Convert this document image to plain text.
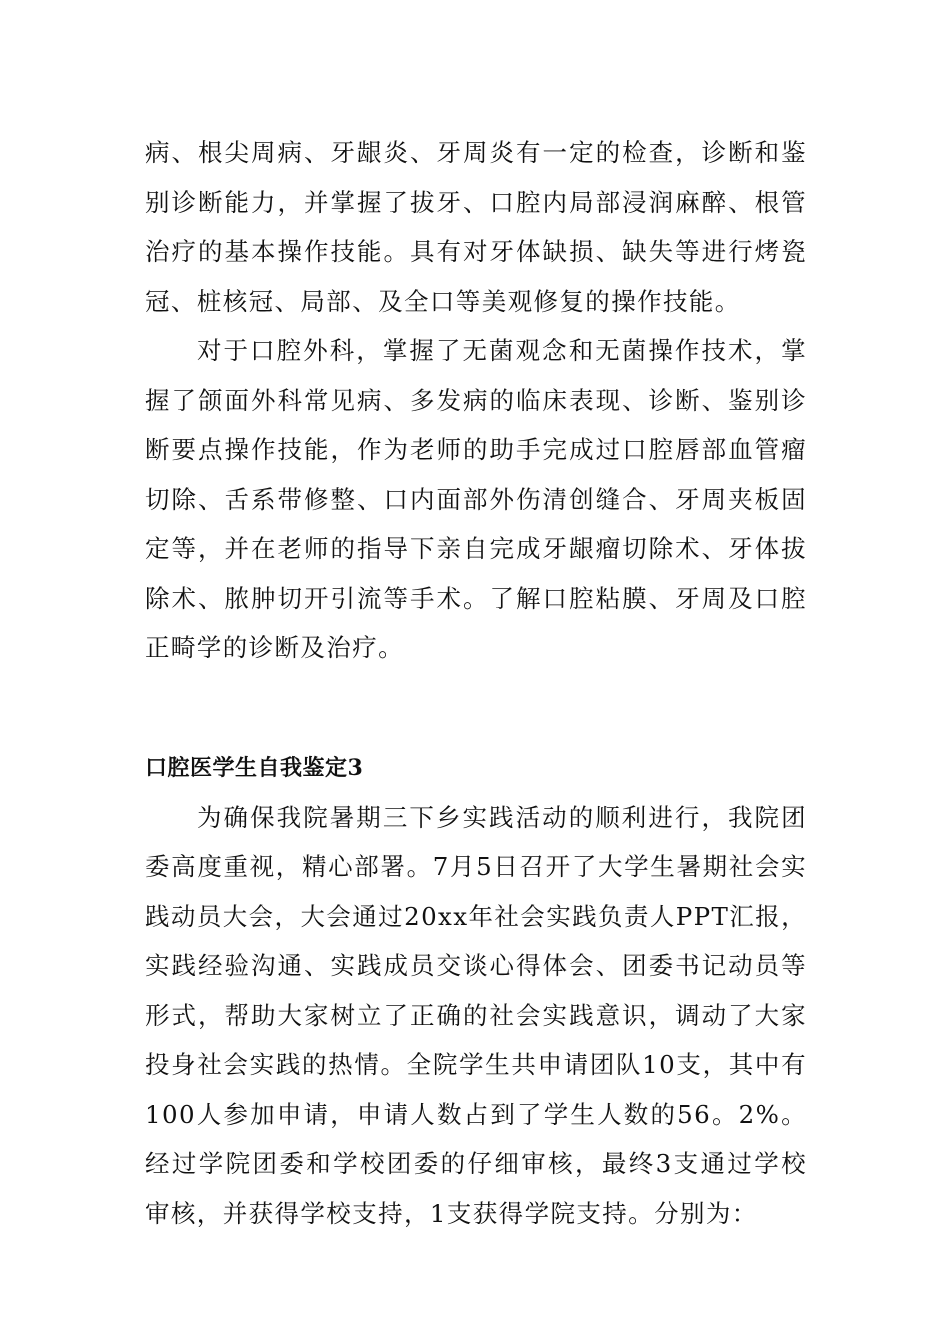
病、根尖周病、牙龈炎、牙周炎有一定的检查，诊断和鉴别诊断能力，并掌握了拔牙、口腔内局部浸润麻醉、根管治疗的基本操作技能。具有对牙体缺损、缺失等进行烤瓷冠、桩核冠、局部、及全口等美观修复的操作技能。

对于口腔外科，掌握了无菌观念和无菌操作技术，掌握了颌面外科常见病、多发病的临床表现、诊断、鉴别诊断要点操作技能，作为老师的助手完成过口腔唇部血管瘤切除、舌系带修整、口内面部外伤清创缝合、牙周夹板固定等，并在老师的指导下亲自完成牙龈瘤切除术、牙体拔除术、脓肿切开引流等手术。了解口腔粘膜、牙周及口腔正畸学的诊断及治疗。

口腔医学生自我鉴定3

为确保我院暑期三下乡实践活动的顺利进行，我院团委高度重视，精心部署。7月5日召开了大学生暑期社会实践动员大会，大会通过20xx年社会实践负责人PPT汇报，实践经验沟通、实践成员交谈心得体会、团委书记动员等形式，帮助大家树立了正确的社会实践意识，调动了大家投身社会实践的热情。全院学生共申请团队10支，其中有100人参加申请，申请人数占到了学生人数的56。2%。经过学院团委和学校团委的仔细审核，最终3支通过学校审核，并获得学校支持，1支获得学院支持。分别为：
